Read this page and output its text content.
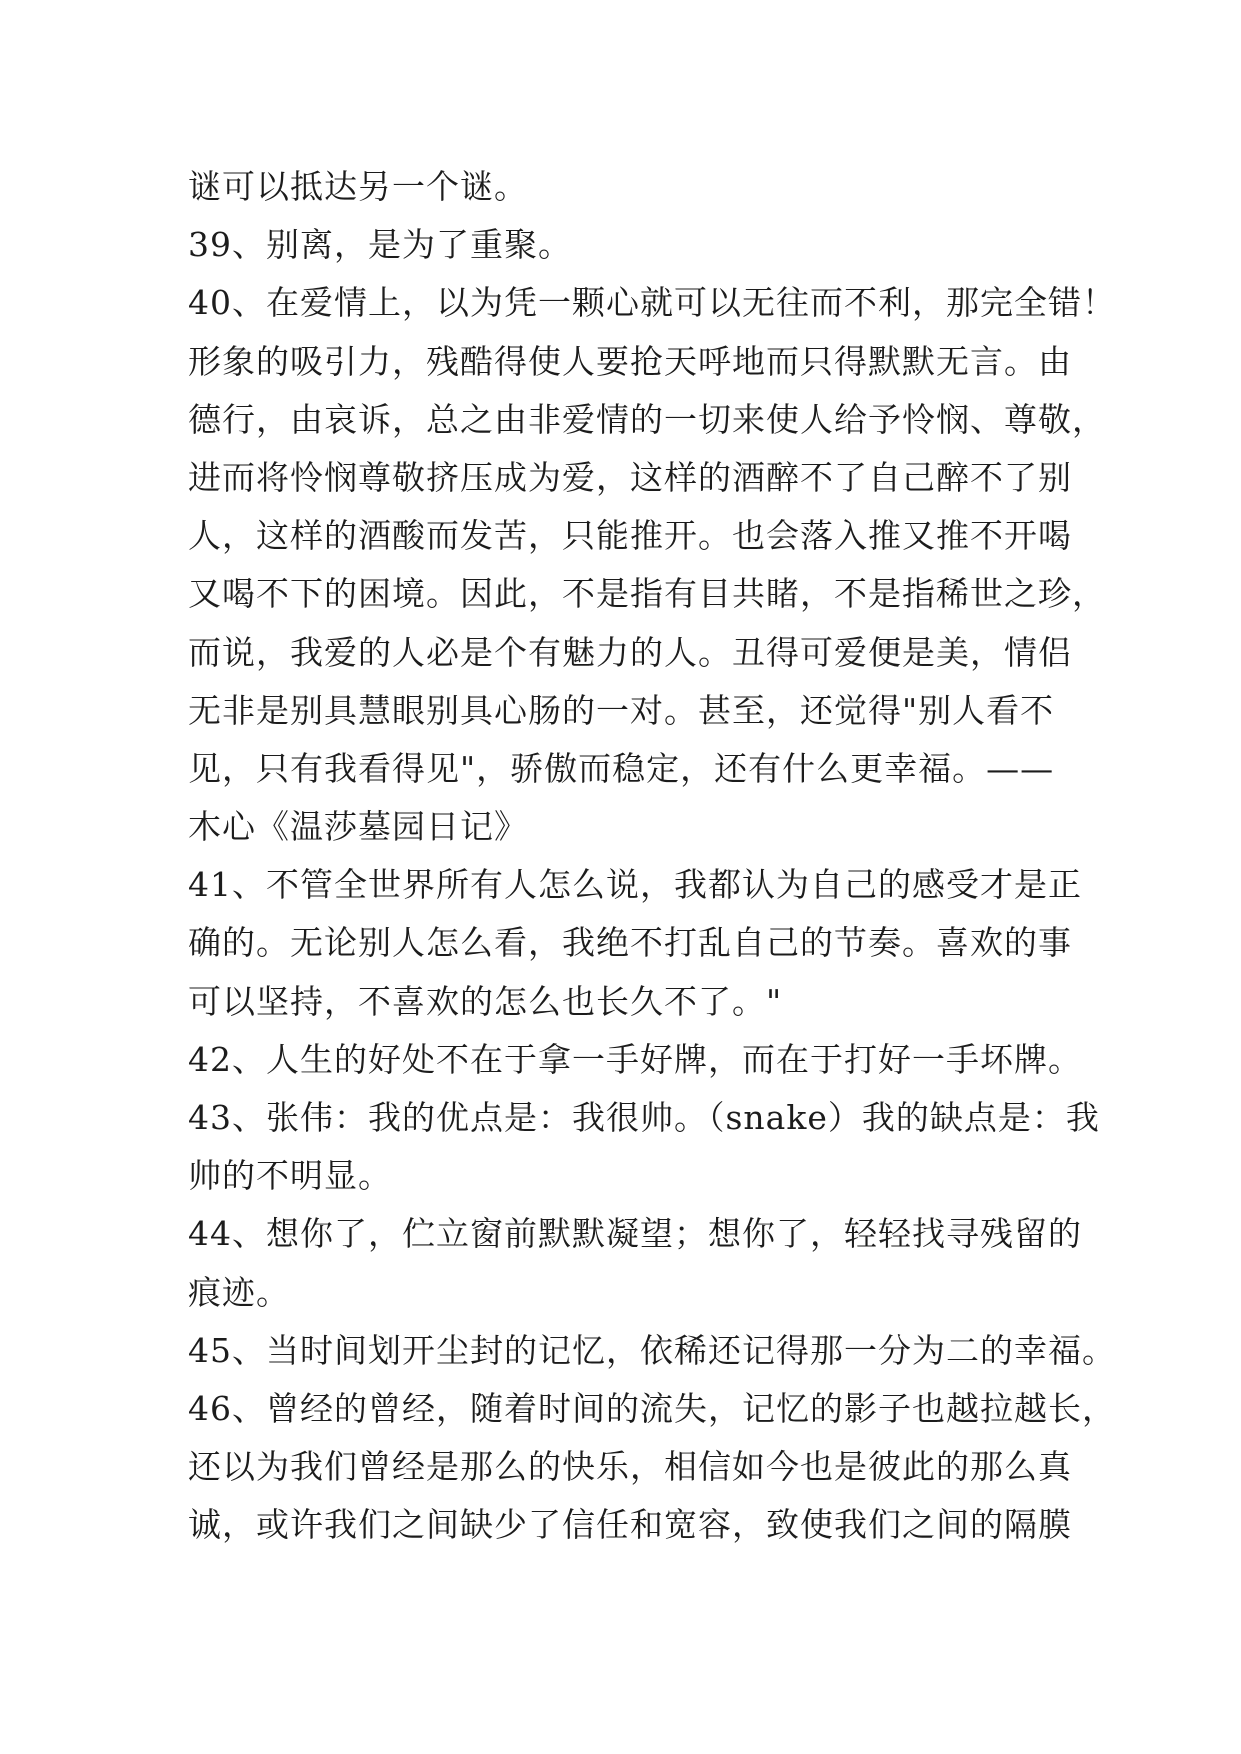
谜可以抵达另一个谜。
39、别离，是为了重聚。
40、在爱情上，以为凭一颗心就可以无往而不利，那完全错！
形象的吸引力，残酷得使人要抢天呼地而只得默默无言。由
德行，由哀诉，总之由非爱情的一切来使人给予怜悯、尊敬，
进而将怜悯尊敬挤压成为爱，这样的酒醉不了自己醉不了别
人，这样的酒酸而发苦，只能推开。也会落入推又推不开喝
又喝不下的困境。因此，不是指有目共睹，不是指稀世之珍，
而说，我爱的人必是个有魅力的人。丑得可爱便是美，情侣
无非是别具慧眼别具心肠的一对。甚至，还觉得"别人看不
见，只有我看得见"，骄傲而稳定，还有什么更幸福。——
木心《温莎墓园日记》
41、不管全世界所有人怎么说，我都认为自己的感受才是正
确的。无论别人怎么看，我绝不打乱自己的节奏。喜欢的事
可以坚持，不喜欢的怎么也长久不了。"
42、人生的好处不在于拿一手好牌，而在于打好一手坏牌。
43、张伟：我的优点是：我很帅。（snake）我的缺点是：我
帅的不明显。
44、想你了，伫立窗前默默凝望；想你了，轻轻找寻残留的
痕迹。
45、当时间划开尘封的记忆，依稀还记得那一分为二的幸福。
46、曾经的曾经，随着时间的流失，记忆的影子也越拉越长，
还以为我们曾经是那么的快乐，相信如今也是彼此的那么真
诚，或许我们之间缺少了信任和宽容，致使我们之间的隔膜
